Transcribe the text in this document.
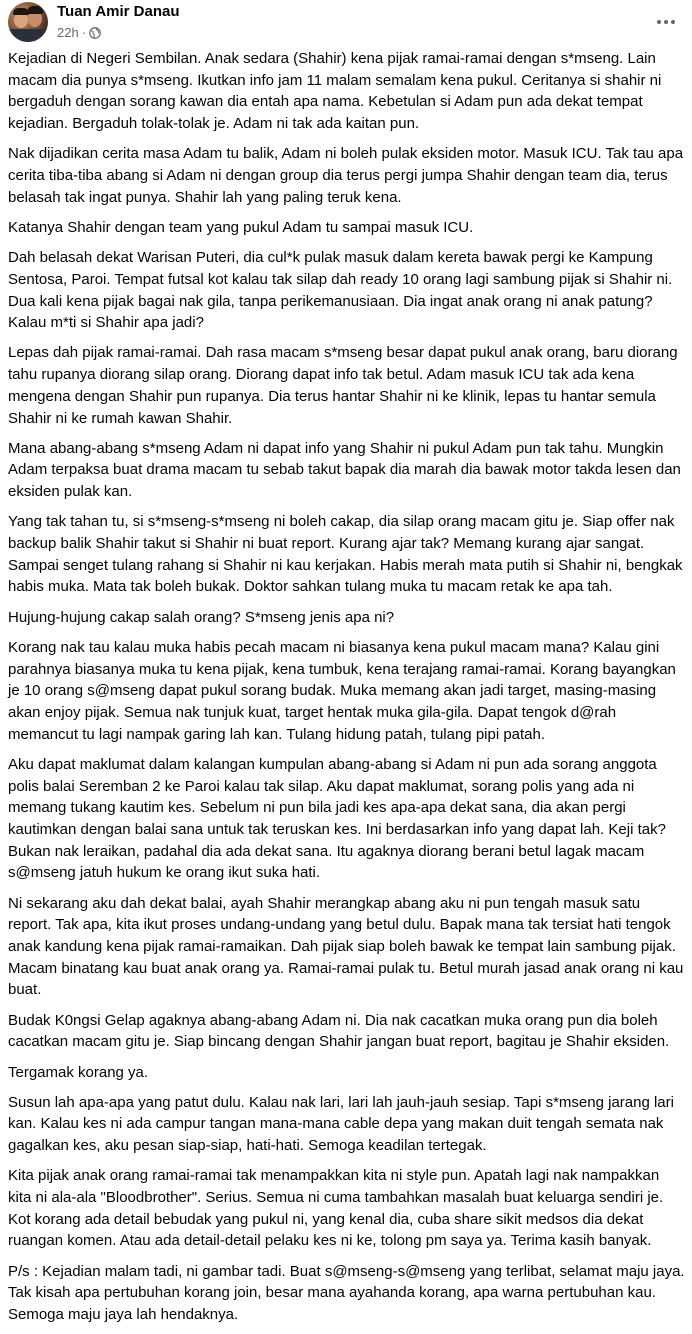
Tuan Amir Danau
22h ·

Kejadian di Negeri Sembilan. Anak sedara (Shahir) kena pijak ramai-ramai dengan s*mseng. Lain macam dia punya s*mseng. Ikutkan info jam 11 malam semalam kena pukul. Ceritanya si shahir ni bergaduh dengan sorang kawan dia entah apa nama. Kebetulan si Adam pun ada dekat tempat kejadian. Bergaduh tolak-tolak je. Adam ni tak ada kaitan pun.

Nak dijadikan cerita masa Adam tu balik, Adam ni boleh pulak eksiden motor. Masuk ICU. Tak tau apa cerita tiba-tiba abang si Adam ni dengan group dia terus pergi jumpa Shahir dengan team dia, terus belasah tak ingat punya. Shahir lah yang paling teruk kena.

Katanya Shahir dengan team yang pukul Adam tu sampai masuk ICU.

Dah belasah dekat Warisan Puteri, dia cul*k pulak masuk dalam kereta bawak pergi ke Kampung Sentosa, Paroi. Tempat futsal kot kalau tak silap dah ready 10 orang lagi sambung pijak si Shahir ni. Dua kali kena pijak bagai nak gila, tanpa perikemanusiaan. Dia ingat anak orang ni anak patung? Kalau m*ti si Shahir apa jadi?

Lepas dah pijak ramai-ramai. Dah rasa macam s*mseng besar dapat pukul anak orang, baru diorang tahu rupanya diorang silap orang. Diorang dapat info tak betul. Adam masuk ICU tak ada kena mengena dengan Shahir pun rupanya. Dia terus hantar Shahir ni ke klinik, lepas tu hantar semula Shahir ni ke rumah kawan Shahir.

Mana abang-abang s*mseng Adam ni dapat info yang Shahir ni pukul Adam pun tak tahu. Mungkin Adam terpaksa buat drama macam tu sebab takut bapak dia marah dia bawak motor takda lesen dan eksiden pulak kan.

Yang tak tahan tu, si s*mseng-s*mseng ni boleh cakap, dia silap orang macam gitu je. Siap offer nak backup balik Shahir takut si Shahir ni buat report. Kurang ajar tak? Memang kurang ajar sangat. Sampai senget tulang rahang si Shahir ni kau kerjakan. Habis merah mata putih si Shahir ni, bengkak habis muka. Mata tak boleh bukak. Doktor sahkan tulang muka tu macam retak ke apa tah.

Hujung-hujung cakap salah orang? S*mseng jenis apa ni?

Korang nak tau kalau muka habis pecah macam ni biasanya kena pukul macam mana? Kalau gini parahnya biasanya muka tu kena pijak, kena tumbuk, kena terajang ramai-ramai. Korang bayangkan je 10 orang s@mseng dapat pukul sorang budak. Muka memang akan jadi target, masing-masing akan enjoy pijak. Semua nak tunjuk kuat, target hentak muka gila-gila. Dapat tengok d@rah memancut tu lagi nampak garing lah kan. Tulang hidung patah, tulang pipi patah.

Aku dapat maklumat dalam kalangan kumpulan abang-abang si Adam ni pun ada sorang anggota polis balai Seremban 2 ke Paroi kalau tak silap. Aku dapat maklumat, sorang polis yang ada ni memang tukang kautim kes. Sebelum ni pun bila jadi kes apa-apa dekat sana, dia akan pergi kautimkan dengan balai sana untuk tak teruskan kes. Ini berdasarkan info yang dapat lah. Keji tak? Bukan nak leraikan, padahal dia ada dekat sana. Itu agaknya diorang berani betul lagak macam s@mseng jatuh hukum ke orang ikut suka hati.

Ni sekarang aku dah dekat balai, ayah Shahir merangkap abang aku ni pun tengah masuk satu report. Tak apa, kita ikut proses undang-undang yang betul dulu. Bapak mana tak tersiat hati tengok anak kandung kena pijak ramai-ramaikan. Dah pijak siap boleh bawak ke tempat lain sambung pijak. Macam binatang kau buat anak orang ya. Ramai-ramai pulak tu. Betul murah jasad anak orang ni kau buat.

Budak K0ngsi Gelap agaknya abang-abang Adam ni. Dia nak cacatkan muka orang pun dia boleh cacatkan macam gitu je. Siap bincang dengan Shahir jangan buat report, bagitau je Shahir eksiden.

Tergamak korang ya.

Susun lah apa-apa yang patut dulu. Kalau nak lari, lari lah jauh-jauh sesiap. Tapi s*mseng jarang lari kan. Kalau kes ni ada campur tangan mana-mana cable depa yang makan duit tengah semata nak gagalkan kes, aku pesan siap-siap, hati-hati. Semoga keadilan tertegak.

Kita pijak anak orang ramai-ramai tak menampakkan kita ni style pun. Apatah lagi nak nampakkan kita ni ala-ala "Bloodbrother". Serius. Semua ni cuma tambahkan masalah buat keluarga sendiri je. Kot korang ada detail bebudak yang pukul ni, yang kenal dia, cuba share sikit medsos dia dekat ruangan komen. Atau ada detail-detail pelaku kes ni ke, tolong pm saya ya. Terima kasih banyak.

P/s : Kejadian malam tadi, ni gambar tadi. Buat s@mseng-s@mseng yang terlibat, selamat maju jaya. Tak kisah apa pertubuhan korang join, besar mana ayahanda korang, apa warna pertubuhan kau. Semoga maju jaya lah hendaknya.
